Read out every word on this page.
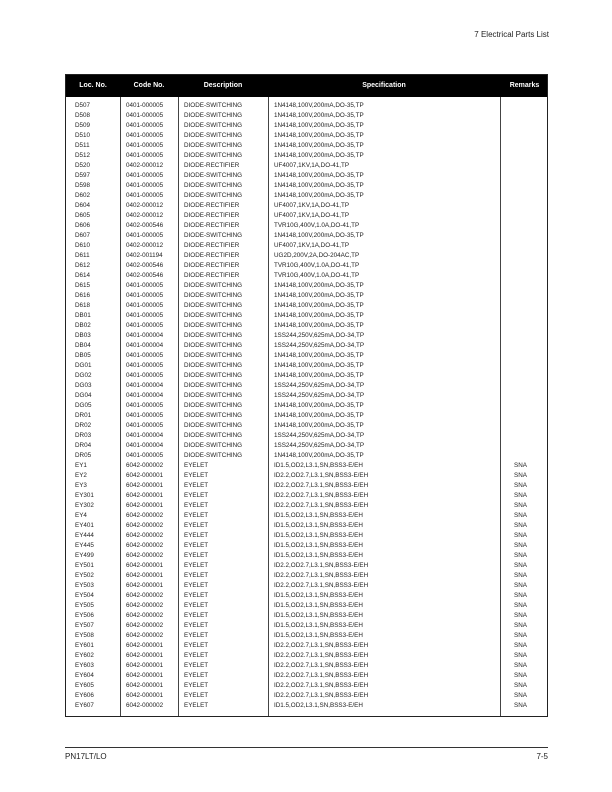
7 Electrical Parts List
Loc. No.	Code No.	Description	Specification	Remarks
D507	0401-000005	DIODE-SWITCHING	1N4148,100V,200mA,DO-35,TP
D508	0401-000005	DIODE-SWITCHING	1N4148,100V,200mA,DO-35,TP
D509	0401-000005	DIODE-SWITCHING	1N4148,100V,200mA,DO-35,TP
D510	0401-000005	DIODE-SWITCHING	1N4148,100V,200mA,DO-35,TP
D511	0401-000005	DIODE-SWITCHING	1N4148,100V,200mA,DO-35,TP
D512	0401-000005	DIODE-SWITCHING	1N4148,100V,200mA,DO-35,TP
D520	0402-000012	DIODE-RECTIFIER	UF4007,1KV,1A,DO-41,TP
D597	0401-000005	DIODE-SWITCHING	1N4148,100V,200mA,DO-35,TP
D598	0401-000005	DIODE-SWITCHING	1N4148,100V,200mA,DO-35,TP
D602	0401-000005	DIODE-SWITCHING	1N4148,100V,200mA,DO-35,TP
D604	0402-000012	DIODE-RECTIFIER	UF4007,1KV,1A,DO-41,TP
D605	0402-000012	DIODE-RECTIFIER	UF4007,1KV,1A,DO-41,TP
D606	0402-000546	DIODE-RECTIFIER	TVR10G,400V,1.0A,DO-41,TP
D607	0401-000005	DIODE-SWITCHING	1N4148,100V,200mA,DO-35,TP
D610	0402-000012	DIODE-RECTIFIER	UF4007,1KV,1A,DO-41,TP
D611	0402-001194	DIODE-RECTIFIER	UG2D,200V,2A,DO-204AC,TP
D612	0402-000546	DIODE-RECTIFIER	TVR10G,400V,1.0A,DO-41,TP
D614	0402-000546	DIODE-RECTIFIER	TVR10G,400V,1.0A,DO-41,TP
D615	0401-000005	DIODE-SWITCHING	1N4148,100V,200mA,DO-35,TP
D616	0401-000005	DIODE-SWITCHING	1N4148,100V,200mA,DO-35,TP
D618	0401-000005	DIODE-SWITCHING	1N4148,100V,200mA,DO-35,TP
DB01	0401-000005	DIODE-SWITCHING	1N4148,100V,200mA,DO-35,TP
DB02	0401-000005	DIODE-SWITCHING	1N4148,100V,200mA,DO-35,TP
DB03	0401-000004	DIODE-SWITCHING	1SS244,250V,625mA,DO-34,TP
DB04	0401-000004	DIODE-SWITCHING	1SS244,250V,625mA,DO-34,TP
DB05	0401-000005	DIODE-SWITCHING	1N4148,100V,200mA,DO-35,TP
DG01	0401-000005	DIODE-SWITCHING	1N4148,100V,200mA,DO-35,TP
DG02	0401-000005	DIODE-SWITCHING	1N4148,100V,200mA,DO-35,TP
DG03	0401-000004	DIODE-SWITCHING	1SS244,250V,625mA,DO-34,TP
DG04	0401-000004	DIODE-SWITCHING	1SS244,250V,625mA,DO-34,TP
DG05	0401-000005	DIODE-SWITCHING	1N4148,100V,200mA,DO-35,TP
DR01	0401-000005	DIODE-SWITCHING	1N4148,100V,200mA,DO-35,TP
DR02	0401-000005	DIODE-SWITCHING	1N4148,100V,200mA,DO-35,TP
DR03	0401-000004	DIODE-SWITCHING	1SS244,250V,625mA,DO-34,TP
DR04	0401-000004	DIODE-SWITCHING	1SS244,250V,625mA,DO-34,TP
DR05	0401-000005	DIODE-SWITCHING	1N4148,100V,200mA,DO-35,TP
EY1	6042-000002	EYELET	ID1.5,OD2,L3.1,SN,BSS3-E/EH	SNA
EY2	6042-000001	EYELET	ID2.2,OD2.7,L3.1,SN,BSS3-E/EH	SNA
EY3	6042-000001	EYELET	ID2.2,OD2.7,L3.1,SN,BSS3-E/EH	SNA
EY301	6042-000001	EYELET	ID2.2,OD2.7,L3.1,SN,BSS3-E/EH	SNA
EY302	6042-000001	EYELET	ID2.2,OD2.7,L3.1,SN,BSS3-E/EH	SNA
EY4	6042-000002	EYELET	ID1.5,OD2,L3.1,SN,BSS3-E/EH	SNA
EY401	6042-000002	EYELET	ID1.5,OD2,L3.1,SN,BSS3-E/EH	SNA
EY444	6042-000002	EYELET	ID1.5,OD2,L3.1,SN,BSS3-E/EH	SNA
EY445	6042-000002	EYELET	ID1.5,OD2,L3.1,SN,BSS3-E/EH	SNA
EY499	6042-000002	EYELET	ID1.5,OD2,L3.1,SN,BSS3-E/EH	SNA
EY501	6042-000001	EYELET	ID2.2,OD2.7,L3.1,SN,BSS3-E/EH	SNA
EY502	6042-000001	EYELET	ID2.2,OD2.7,L3.1,SN,BSS3-E/EH	SNA
EY503	6042-000001	EYELET	ID2.2,OD2.7,L3.1,SN,BSS3-E/EH	SNA
EY504	6042-000002	EYELET	ID1.5,OD2,L3.1,SN,BSS3-E/EH	SNA
EY505	6042-000002	EYELET	ID1.5,OD2,L3.1,SN,BSS3-E/EH	SNA
EY506	6042-000002	EYELET	ID1.5,OD2,L3.1,SN,BSS3-E/EH	SNA
EY507	6042-000002	EYELET	ID1.5,OD2,L3.1,SN,BSS3-E/EH	SNA
EY508	6042-000002	EYELET	ID1.5,OD2,L3.1,SN,BSS3-E/EH	SNA
EY601	6042-000001	EYELET	ID2.2,OD2.7,L3.1,SN,BSS3-E/EH	SNA
EY602	6042-000001	EYELET	ID2.2,OD2.7,L3.1,SN,BSS3-E/EH	SNA
EY603	6042-000001	EYELET	ID2.2,OD2.7,L3.1,SN,BSS3-E/EH	SNA
EY604	6042-000001	EYELET	ID2.2,OD2.7,L3.1,SN,BSS3-E/EH	SNA
EY605	6042-000001	EYELET	ID2.2,OD2.7,L3.1,SN,BSS3-E/EH	SNA
EY606	6042-000001	EYELET	ID2.2,OD2.7,L3.1,SN,BSS3-E/EH	SNA
EY607	6042-000002	EYELET	ID1.5,OD2,L3.1,SN,BSS3-E/EH	SNA
PN17LT/LO	7-5
